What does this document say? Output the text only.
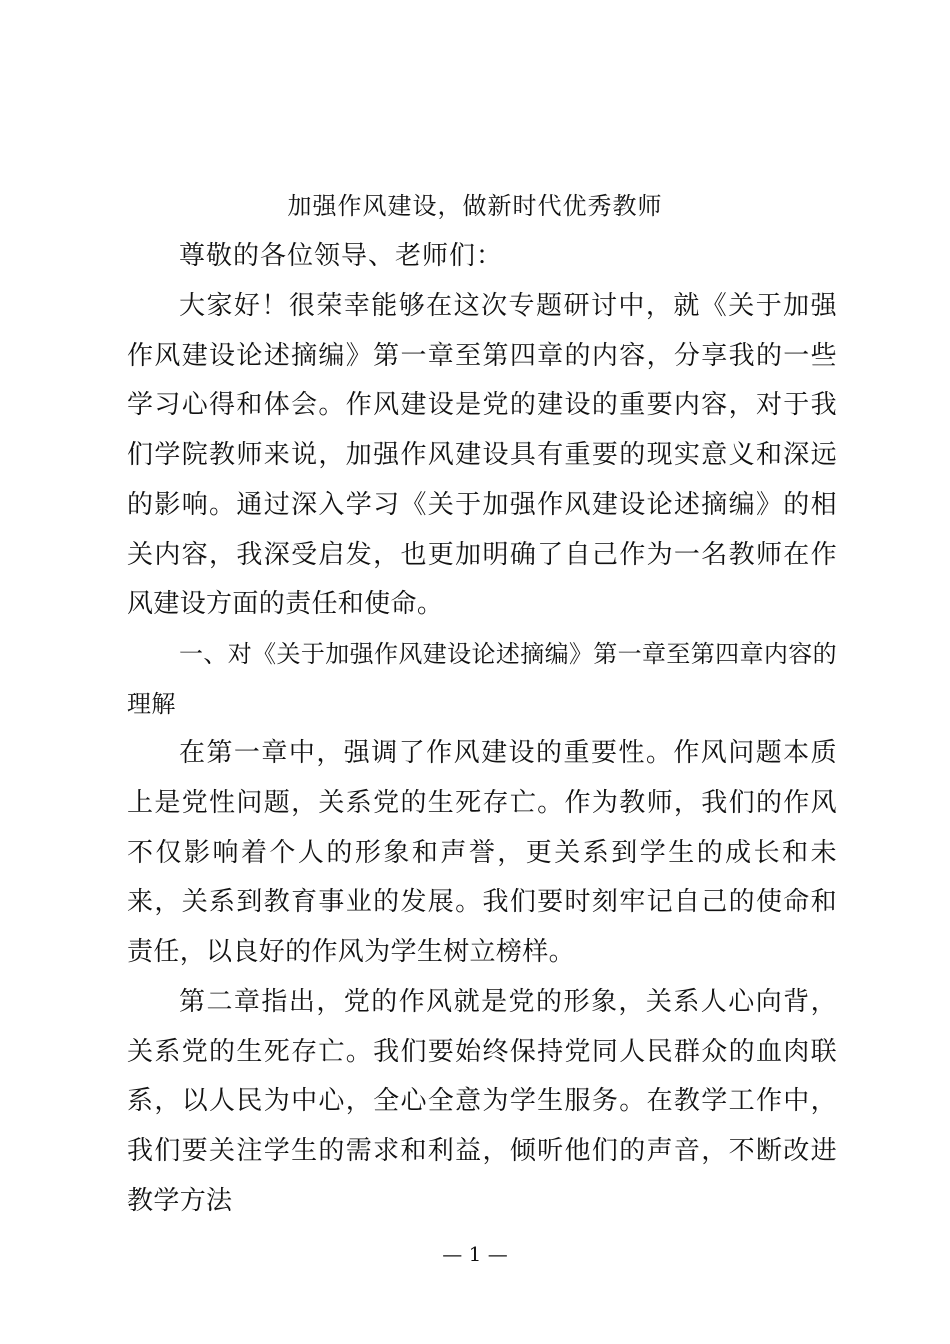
加强作风建设，做新时代优秀教师
尊敬的各位领导、老师们：

大家好！很荣幸能够在这次专题研讨中，就《关于加强作风建设论述摘编》第一章至第四章的内容，分享我的一些学习心得和体会。作风建设是党的建设的重要内容，对于我们学院教师来说，加强作风建设具有重要的现实意义和深远的影响。通过深入学习《关于加强作风建设论述摘编》的相关内容，我深受启发，也更加明确了自己作为一名教师在作风建设方面的责任和使命。

一、对《关于加强作风建设论述摘编》第一章至第四章内容的理解

在第一章中，强调了作风建设的重要性。作风问题本质上是党性问题，关系党的生死存亡。作为教师，我们的作风不仅影响着个人的形象和声誉，更关系到学生的成长和未来，关系到教育事业的发展。我们要时刻牢记自己的使命和责任，以良好的作风为学生树立榜样。

第二章指出，党的作风就是党的形象，关系人心向背，关系党的生死存亡。我们要始终保持党同人民群众的血肉联系，以人民为中心，全心全意为学生服务。在教学工作中，我们要关注学生的需求和利益，倾听他们的声音，不断改进教学方法

— 1 —
